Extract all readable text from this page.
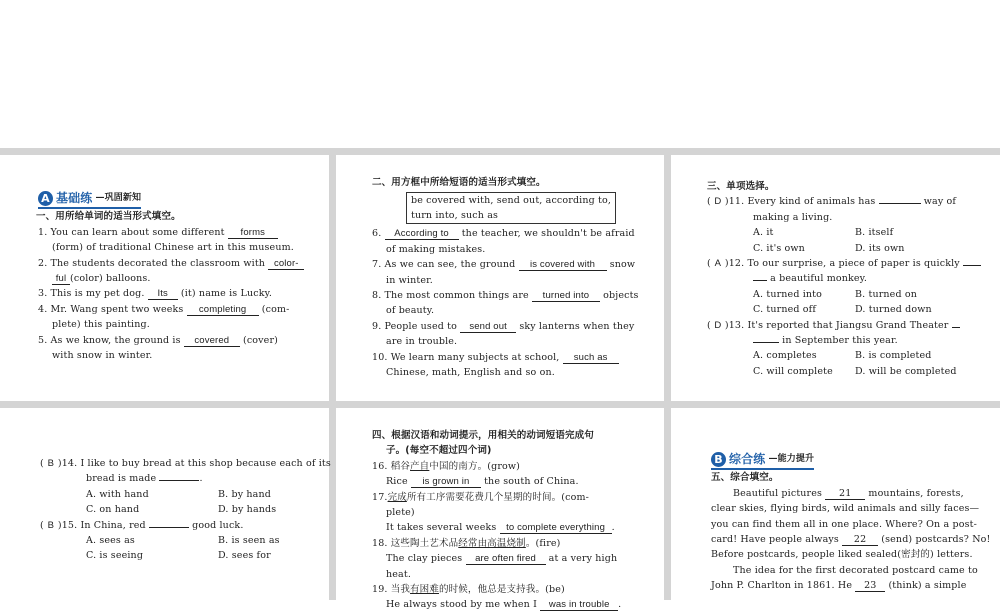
A 基础练 —巩固新知
一、用所给单词的适当形式填空。
1. You can learn about some different forms
(form) of traditional Chinese art in this museum.
2. The students decorated the classroom with color-
ful (color) balloons.
3. This is my pet dog. Its (it) name is Lucky.
4. Mr. Wang spent two weeks completing (com-
plete) this painting.
5. As we know, the ground is covered (cover)
with snow in winter.
二、用方框中所给短语的适当形式填空。
be covered with, send out, according to,
turn into, such as
6. According to the teacher, we shouldn't be afraid
of making mistakes.
7. As we can see, the ground is covered with snow
in winter.
8. The most common things are turned into objects
of beauty.
9. People used to send out sky lanterns when they
are in trouble.
10. We learn many subjects at school, such as
Chinese, math, English and so on.
三、单项选择。
( D )11. Every kind of animals has	way of
making a living.
A. it	B. itself
C. it's own	D. its own
( A )12. To our surprise, a piece of paper is quickly
a beautiful monkey.
A. turned into	B. turned on
C. turned off	D. turned down
( D )13. It's reported that Jiangsu Grand Theater
in September this year.
A. completes	B. is completed
C. will complete D. will be completed
( B )14. I like to buy bread at this shop because each of its
bread is made	.
A. with hand	B. by hand
C. on hand	D. by hands
( B )15. In China, red	good luck.
A. sees as	B. is seen as
C. is seeing	D. sees for
四、根据汉语和动词提示，用相关的动词短语完成句
子。(每空不超过四个词)
16. 稻谷产自中国的南方。(grow)
Rice is grown in the south of China.
17.完成所有工序需要花费几个星期的时间。(com-
plete)
It takes several weeks to complete everything .
18. 这些陶土艺术品经常由高温烧制。(fire)
The clay pieces are often fired at a very high
heat.
19. 当我有困难的时候，他总是支持我。(be)
He always stood by me when I was in trouble .
B 综合练 —能力提升
五、综合填空。
Beautiful pictures 21 mountains, forests,
clear skies, flying birds, wild animals and silly faces—
you can find them all in one place. Where? On a post-
card! Have people always 22 (send) postcards? No!
Before postcards, people liked sealed(密封的) letters.
The idea for the first decorated postcard came to
John P. Charlton in 1861. He 23 (think) a simple
